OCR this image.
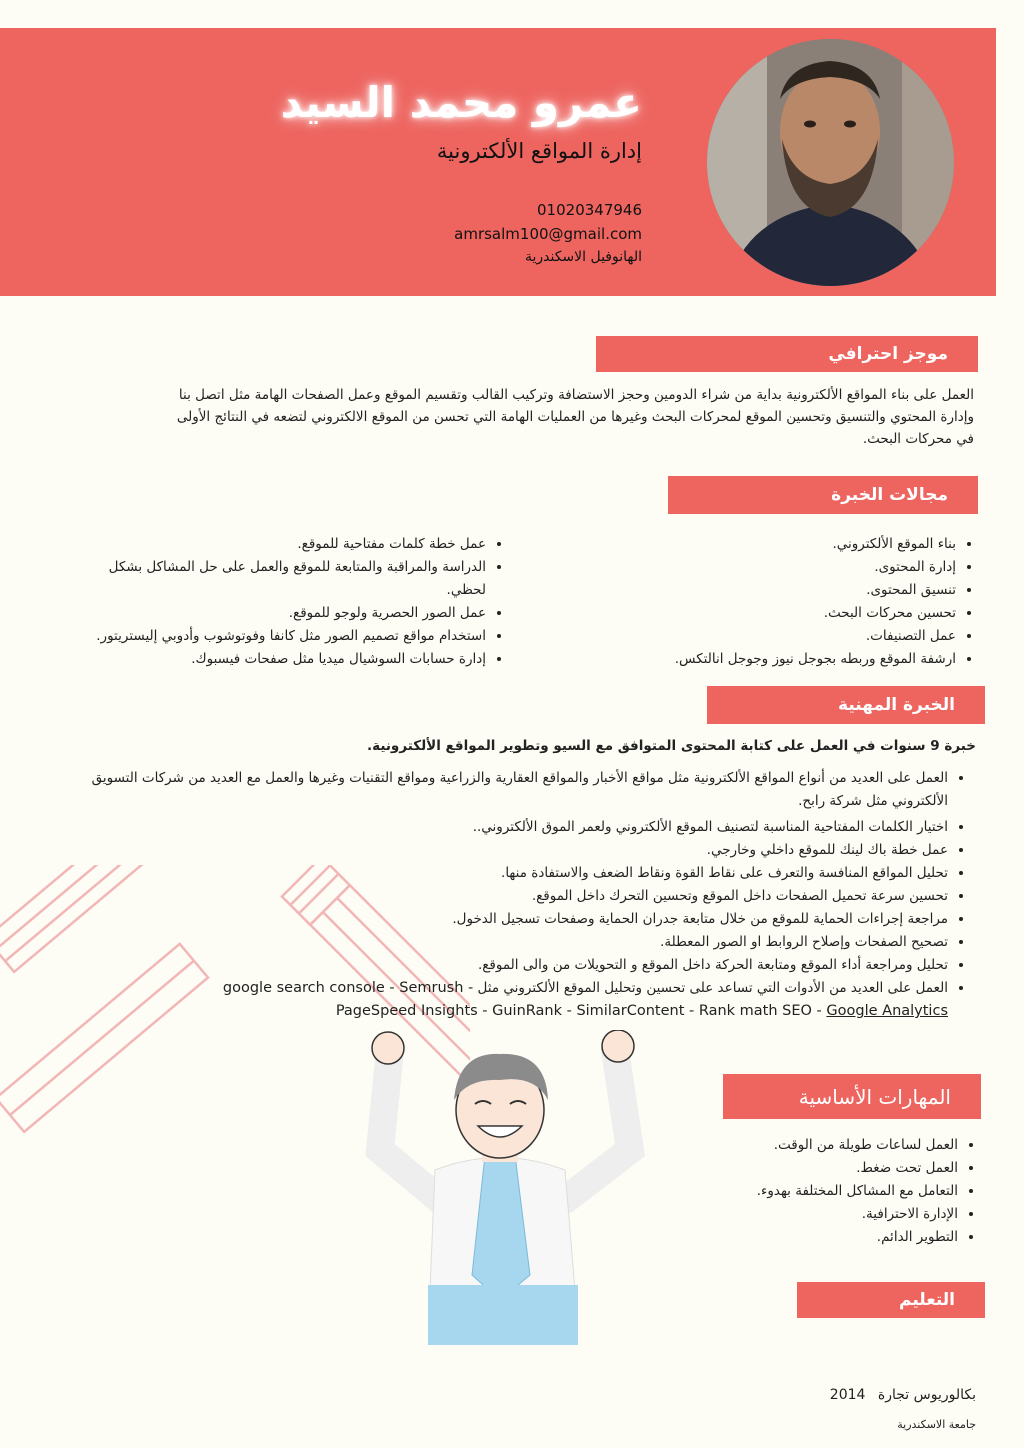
عمرو محمد السيد
إدارة المواقع الألكترونية
01020347946
amrsalm100@gmail.com
الهانوفيل الاسكندرية
موجز احترافي
العمل على بناء المواقع الألكترونية بداية من شراء الدومين وحجز الاستضافة وتركيب القالب وتقسيم الموقع وعمل الصفحات الهامة مثل اتصل بنا
وإدارة المحتوي والتنسيق وتحسين الموقع لمحركات البحث وغيرها من العمليات الهامة التي تحسن من الموقع الالكتروني لتضعه في النتائج الأولى
في محركات البحث.
مجالات الخبرة
• بناء الموقع الألكتروني.
• إدارة المحتوى.
• تنسيق المحتوى.
• تحسين محركات البحث.
• عمل التصنيفات.
• ارشفة الموقع وربطه بجوجل نيوز وجوجل انالتكس.
• عمل خطة كلمات مفتاحية للموقع.
• الدراسة والمراقبة والمتابعة للموقع والعمل على حل المشاكل بشكل لحظي.
• عمل الصور الحصرية ولوجو للموقع.
• استخدام مواقع تصميم الصور مثل كانفا وفوتوشوب وأدوبي إليستريتور.
• إدارة حسابات السوشيال ميديا مثل صفحات فيسبوك.
الخبرة المهنية
خبرة 9 سنوات في العمل على كتابة المحتوى المتوافق مع السيو وتطوير المواقع الألكترونية.
• العمل على العديد من أنواع المواقع الألكترونية مثل مواقع الأخبار والمواقع العقارية والزراعية ومواقع التقنيات وغيرها والعمل مع العديد من شركات التسويق الألكتروني مثل شركة رابح.
• اختيار الكلمات المفتاحية المناسبة لتصنيف الموقع الألكتروني ولعمر الموق الألكتروني..
• عمل خطة باك لينك للموقع داخلي وخارجي.
• تحليل المواقع المنافسة والتعرف على نقاط القوة ونقاط الضعف والاستفادة منها.
• تحسين سرعة تحميل الصفحات داخل الموقع وتحسين التحرك داخل الموقع.
• مراجعة إجراءات الحماية للموقع من خلال متابعة جدران الحماية وصفحات تسجيل الدخول.
• تصحيح الصفحات وإصلاح الروابط او الصور المعطلة.
• تحليل ومراجعة أداء الموقع ومتابعة الحركة داخل الموقع و التحويلات من والى الموقع.
• العمل على العديد من الأدوات التي تساعد على تحسين وتحليل الموقع الألكتروني مثل google search console - Semrush -
PageSpeed Insights - GuinRank - SimilarContent - Rank math SEO - Google Analytics
المهارات الأساسية
• العمل لساعات طويلة من الوقت.
• العمل تحت ضغط.
• التعامل مع المشاكل المختلفة بهدوء.
• الإدارة الاحترافية.
• التطوير الدائم.
التعليم
بكالوريوس تجارة 2014
جامعة الاسكندرية
